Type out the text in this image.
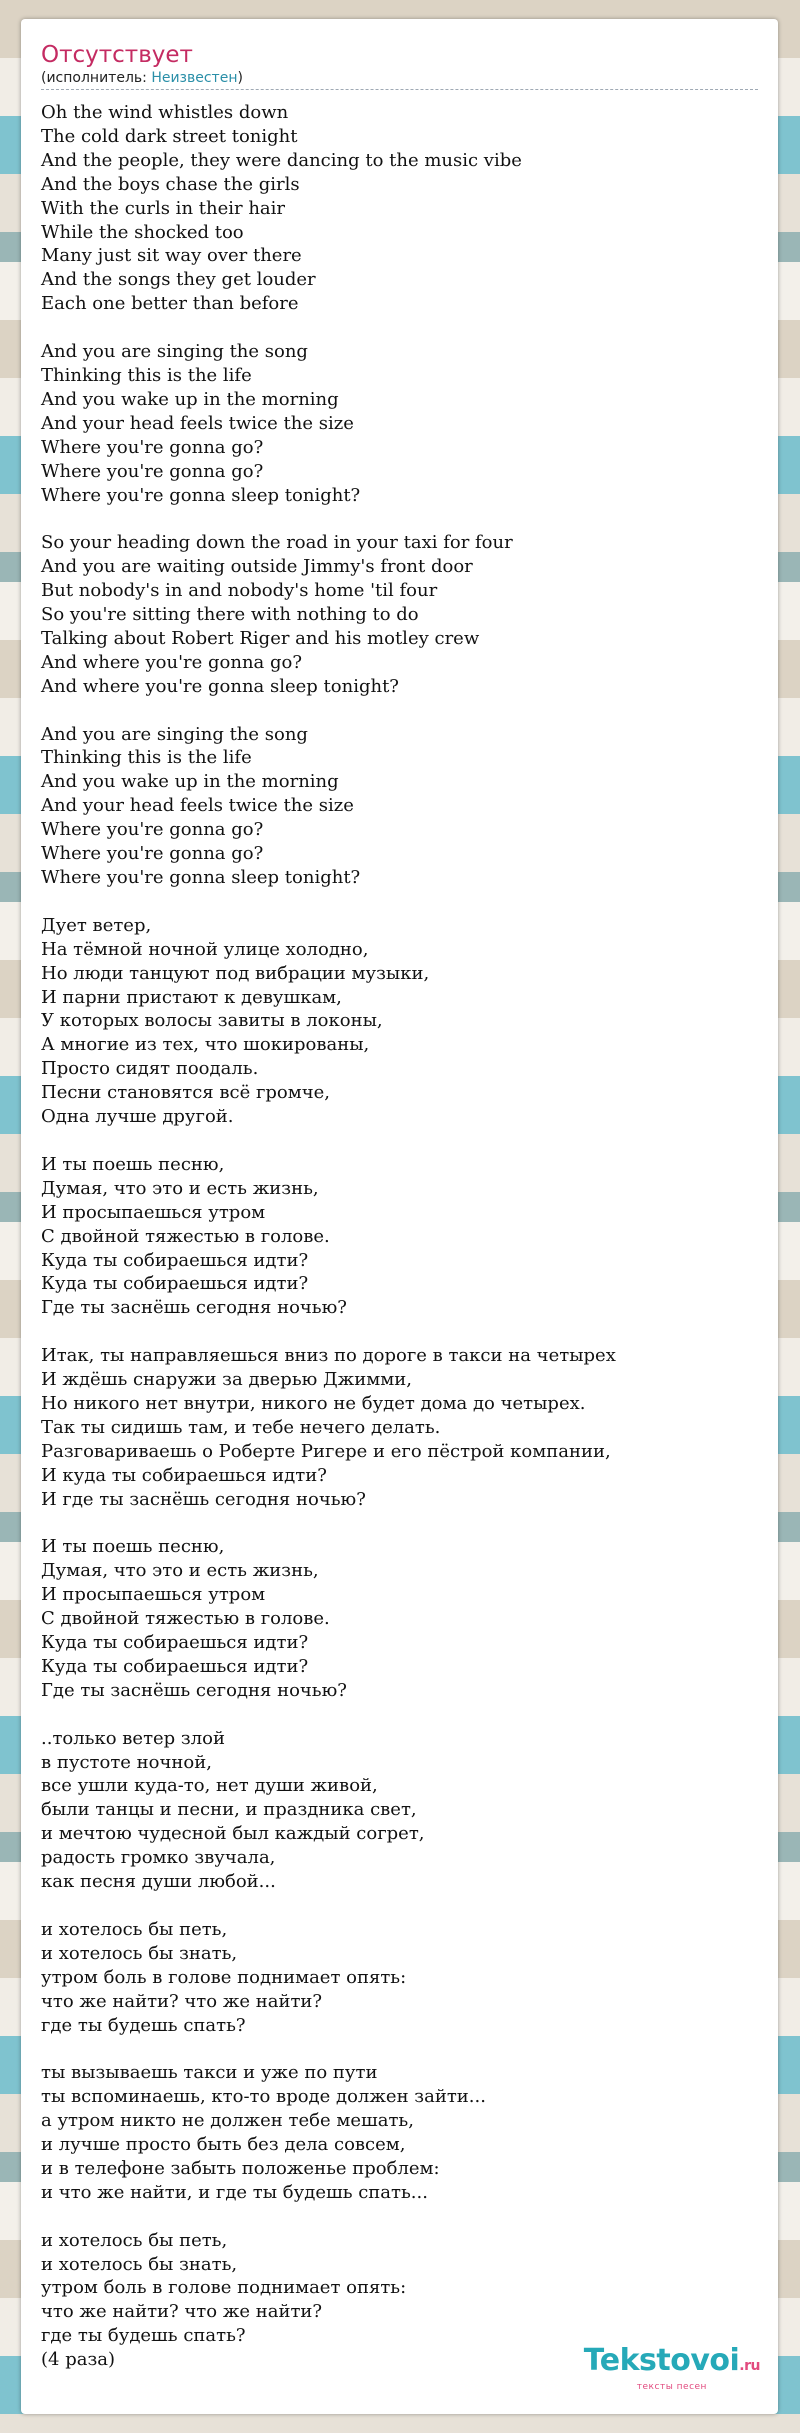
Отсутствует
(исполнитель: Неизвестен)
Oh the wind whistles down
The cold dark street tonight
And the people, they were dancing to the music vibe
And the boys chase the girls
With the curls in their hair
While the shocked too
Many just sit way over there
And the songs they get louder
Each one better than before

And you are singing the song
Thinking this is the life
And you wake up in the morning
And your head feels twice the size
Where you're gonna go?
Where you're gonna go?
Where you're gonna sleep tonight?

So your heading down the road in your taxi for four
And you are waiting outside Jimmy's front door
But nobody's in and nobody's home 'til four
So you're sitting there with nothing to do
Talking about Robert Riger and his motley crew
And where you're gonna go?
And where you're gonna sleep tonight?

And you are singing the song
Thinking this is the life
And you wake up in the morning
And your head feels twice the size
Where you're gonna go?
Where you're gonna go?
Where you're gonna sleep tonight?

Дует ветер,
На тёмной ночной улице холодно,
Но люди танцуют под вибрации музыки,
И парни пристают к девушкам,
У которых волосы завиты в локоны,
А многие из тех, что шокированы,
Просто сидят поодаль.
Песни становятся всё громче,
Одна лучше другой.

И ты поешь песню,
Думая, что это и есть жизнь,
И просыпаешься утром
С двойной тяжестью в голове.
Куда ты собираешься идти?
Куда ты собираешься идти?
Где ты заснёшь сегодня ночью?

Итак, ты направляешься вниз по дороге в такси на четырех
И ждёшь снаружи за дверью Джимми,
Но никого нет внутри, никого не будет дома до четырех.
Так ты сидишь там, и тебе нечего делать.
Разговариваешь о Роберте Ригере и его пёстрой компании,
И куда ты собираешься идти?
И где ты заснёшь сегодня ночью?

И ты поешь песню,
Думая, что это и есть жизнь,
И просыпаешься утром
С двойной тяжестью в голове.
Куда ты собираешься идти?
Куда ты собираешься идти?
Где ты заснёшь сегодня ночью?

..только ветер злой
в пустоте ночной,
все ушли куда-то, нет души живой,
были танцы и песни, и праздника свет,
и мечтою чудесной был каждый согрет,
радость громко звучала,
как песня души любой...

и хотелось бы петь,
и хотелось бы знать,
утром боль в голове поднимает опять:
что же найти? что же найти?
где ты будешь спать?

ты вызываешь такси и уже по пути
ты вспоминаешь, кто-то вроде должен зайти...
а утром никто не должен тебе мешать,
и лучше просто быть без дела совсем,
и в телефоне забыть положенье проблем:
и что же найти, и где ты будешь спать...

и хотелось бы петь,
и хотелось бы знать,
утром боль в голове поднимает опять:
что же найти? что же найти?
где ты будешь спать?
(4 раза)	Tekstovoi.ru
тексты песен
